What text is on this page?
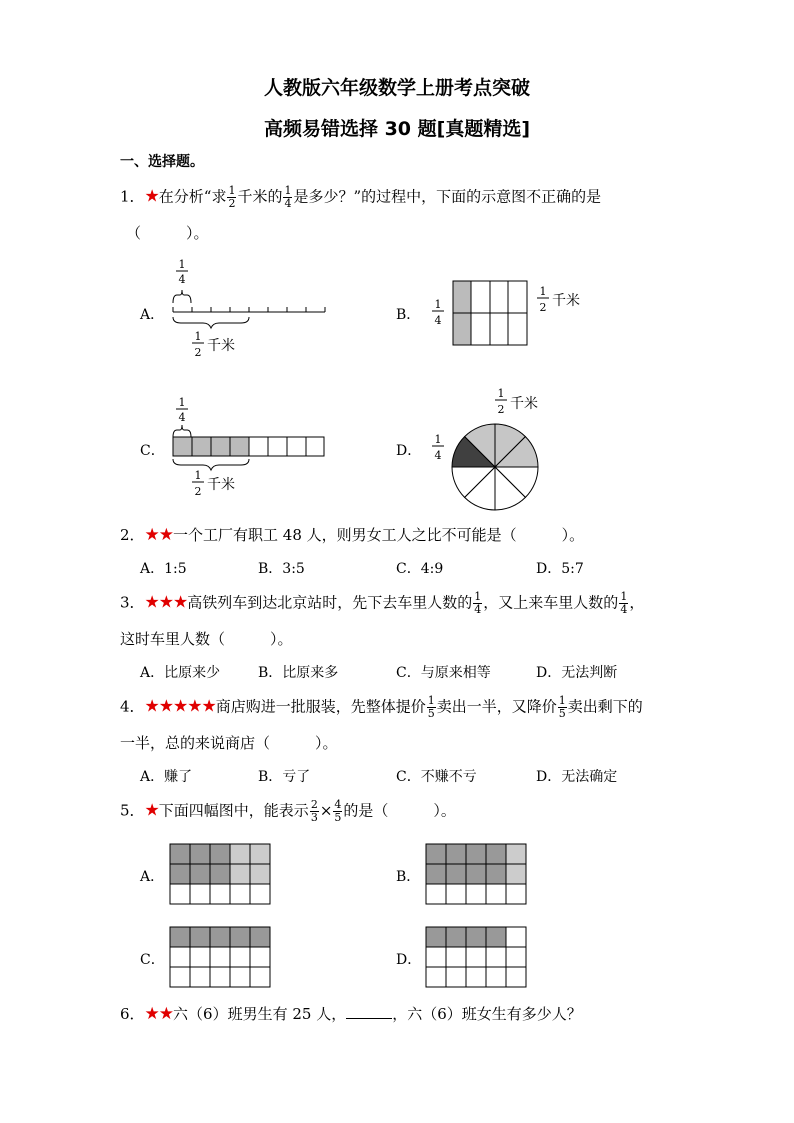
人教版六年级数学上册考点突破
高频易错选择 30 题[真题精选]
一、选择题。
1．★在分析“求 $\frac{1}{2}$ 千米的 $\frac{1}{4}$ 是多少？”的过程中，下面的示意图不正确的是
（　　　）。
A．
1
4
1
2 千米
B．
1
4
1
2 千米
C．
1
4
1
2 千米
D．
1
2 千米
1
4
2．★★一个工厂有职工 48 人，则男女工人之比不可能是（　　　）。
A．1:5	B．3:5	C．4:9	D．5:7
3．★★★高铁列车到达北京站时，先下去车里人数的 $\frac{1}{4}$ ，又上来车里人数的 $\frac{1}{4}$ ，
这时车里人数（　　　）。
A．比原来少	B．比原来多	C．与原来相等	D．无法判断
4．★★★★★商店购进一批服装，先整体提价 $\frac{1}{5}$ 卖出一半，又降价 $\frac{1}{5}$ 卖出剩下的
一半，总的来说商店（　　　）。
A．赚了	B．亏了	C．不赚不亏	D．无法确定
5．★下面四幅图中，能表示 $\frac{2}{3} \times \frac{4}{5}$ 的是（　　　）。
A．	B．
C．	D．
6．★★六（6）班男生有 25 人，	，六（6）班女生有多少人？
